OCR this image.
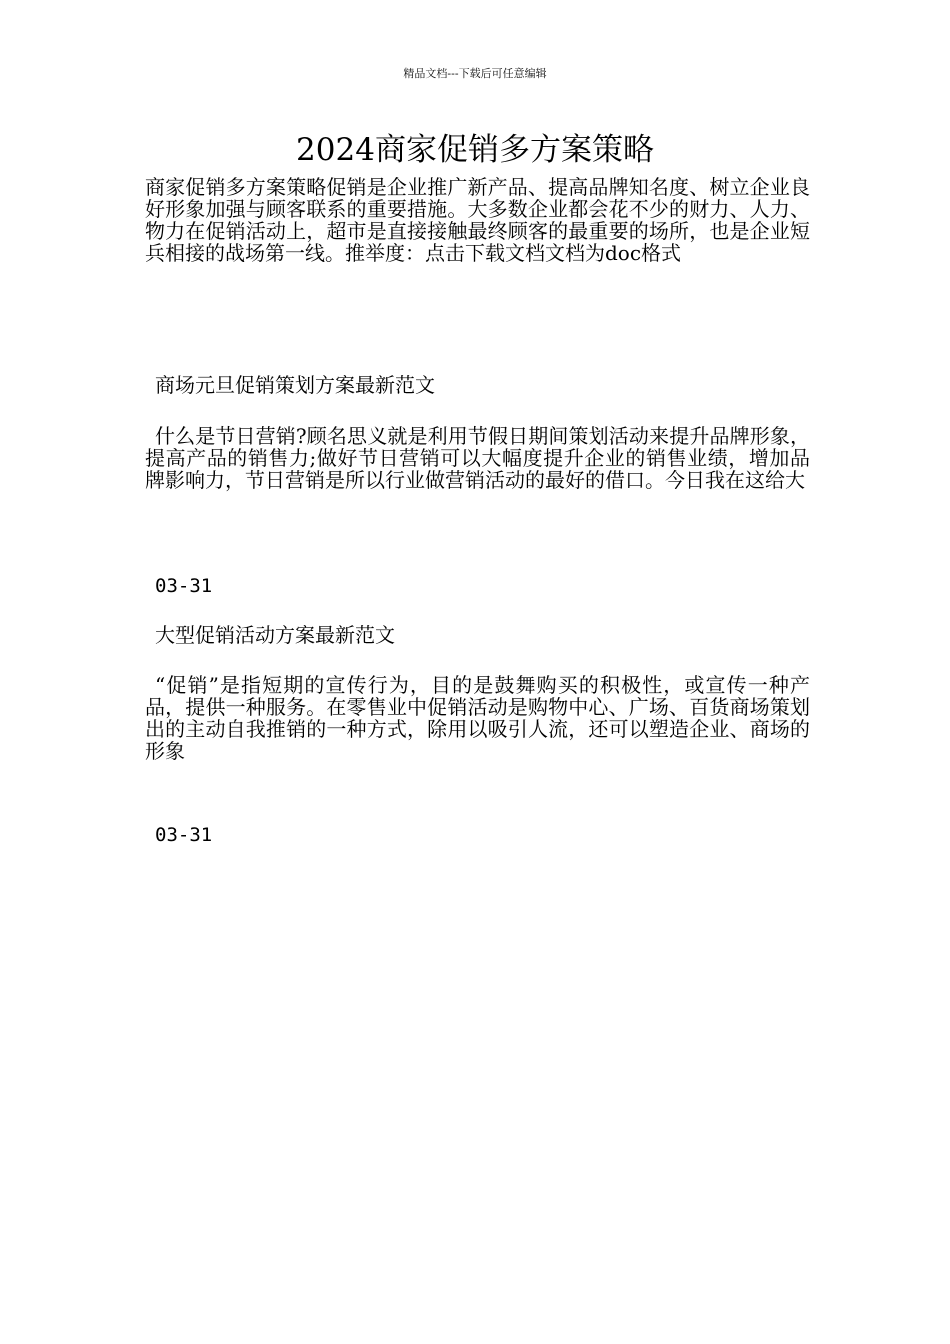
精品文档---下载后可任意编辑
2024商家促销多方案策略

商家促销多方案策略促销是企业推广新产品、提高品牌知名度、树立企业良好形象加强与顾客联系的重要措施。大多数企业都会花不少的财力、人力、物力在促销活动上，超市是直接接触最终顾客的最重要的场所，也是企业短兵相接的战场第一线。推举度：点击下载文档文档为doc格式

商场元旦促销策划方案最新范文

什么是节日营销?顾名思义就是利用节假日期间策划活动来提升品牌形象，提高产品的销售力;做好节日营销可以大幅度提升企业的销售业绩，增加品牌影响力，节日营销是所以行业做营销活动的最好的借口。今日我在这给大

03-31

大型促销活动方案最新范文

“促销”是指短期的宣传行为，目的是鼓舞购买的积极性，或宣传一种产品，提供一种服务。在零售业中促销活动是购物中心、广场、百货商场策划出的主动自我推销的一种方式，除用以吸引人流，还可以塑造企业、商场的形象

03-31
